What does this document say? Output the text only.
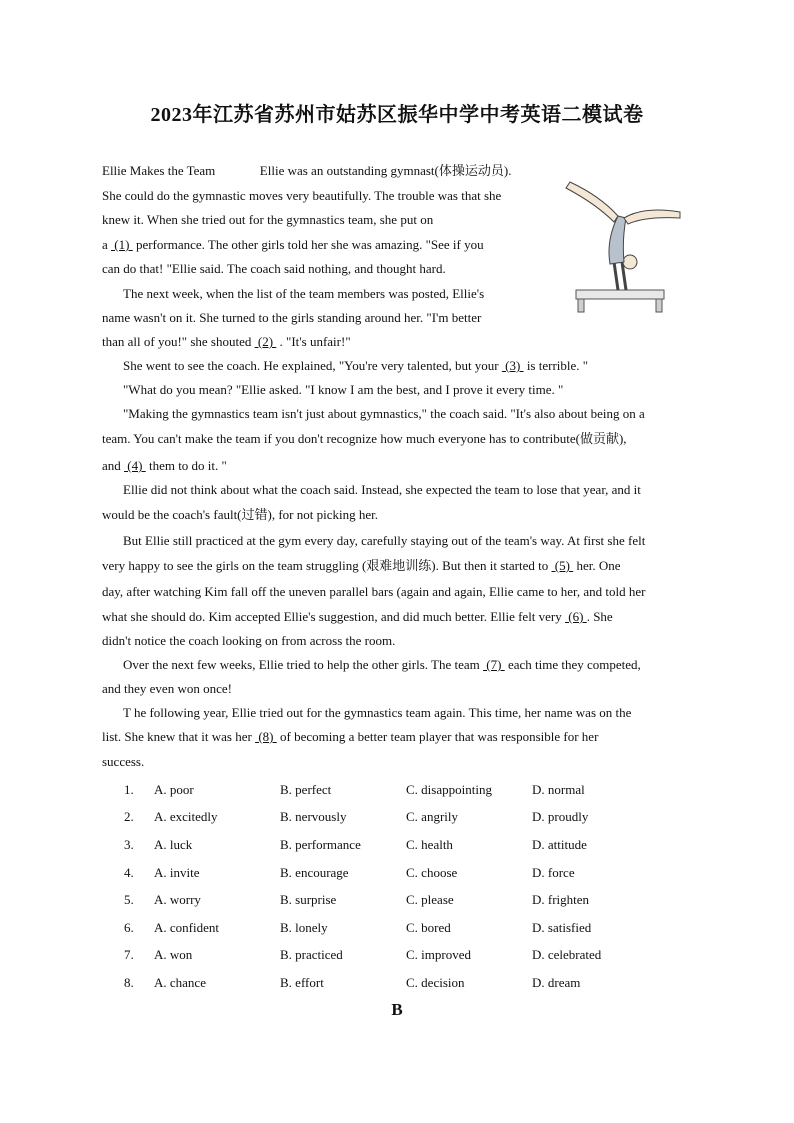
2023年江苏省苏州市姑苏区振华中学中考英语二模试卷
Ellie Makes the Team	Ellie was an outstanding gymnast(体操运动员).
She could do the gymnastic moves very beautifully. The trouble was that she
knew it. When she tried out for the gymnastics team, she put on
a  (1)  performance. The other girls told her she was amazing. "See if you
can do that! "Ellie said. The coach said nothing, and thought hard.
The next week, when the list of the team members was posted, Ellie's
name wasn't on it. She turned to the girls standing around her. "I'm better
than all of you!" she shouted  (2)  . "It's unfair!"
She went to see the coach. He explained, "You're very talented, but your  (3)  is terrible. "
"What do you mean? "Ellie asked. "I know I am the best, and I prove it every time. "
"Making the gymnastics team isn't just about gymnastics," the coach said. "It's also about being on a
team. You can't make the team if you don't recognize how much everyone has to contribute(做贡献),
and  (4)  them to do it. "
Ellie did not think about what the coach said. Instead, she expected the team to lose that year, and it
would be the coach's fault(过错), for not picking her.
But Ellie still practiced at the gym every day, carefully staying out of the team's way. At first she felt
very happy to see the girls on the team struggling (艰难地训练). But then it started to  (5)  her. One
day, after watching Kim fall off the uneven parallel bars (again and again, Ellie came to her, and told her
what she should do. Kim accepted Ellie's suggestion, and did much better. Ellie felt very  (6) . She
didn't notice the coach looking on from across the room.
Over the next few weeks, Ellie tried to help the other girls. The team  (7)  each time they competed,
and they even won once!
T he following year, Ellie tried out for the gymnastics team again. This time, her name was on the
list. She knew that it was her  (8)  of becoming a better team player that was responsible for her
success.
1.	A. poor	B. perfect	C. disappointing	D. normal
2.	A. excitedly	B. nervously	C. angrily	D. proudly
3.	A. luck	B. performance	C. health	D. attitude
4.	A. invite	B. encourage	C. choose	D. force
5.	A. worry	B. surprise	C. please	D. frighten
6.	A. confident	B. lonely	C. bored	D. satisfied
7.	A. won	B. practiced	C. improved	D. celebrated
8.	A. chance	B. effort	C. decision	D. dream
B
